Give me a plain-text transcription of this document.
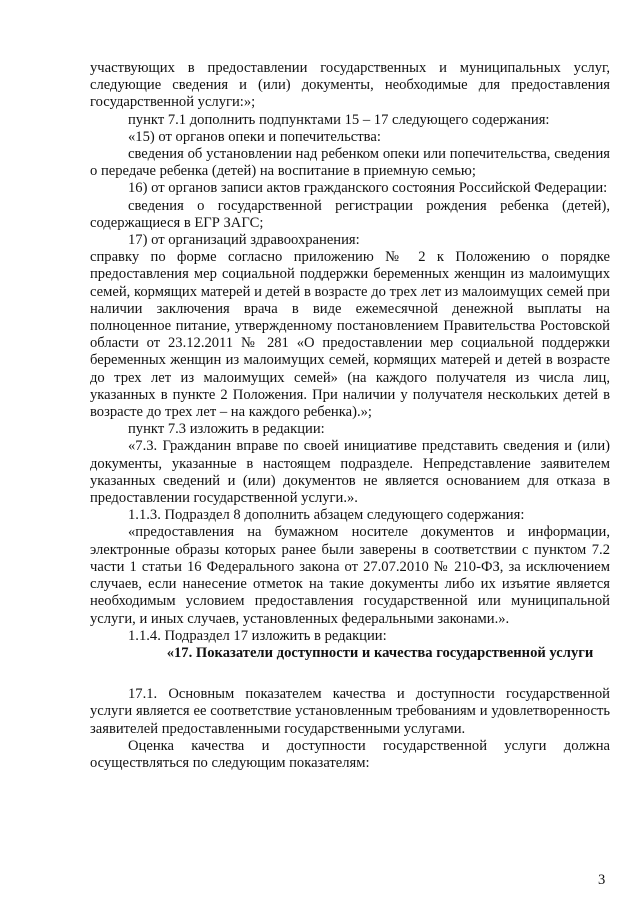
участвующих в предоставлении государственных и муниципальных услуг, следующие сведения и (или) документы, необходимые для предоставления государственной услуги:»;

пункт 7.1 дополнить подпунктами 15 – 17 следующего содержания:

«15) от органов опеки и попечительства:

сведения об установлении над ребенком опеки или попечительства, сведения о передаче ребенка (детей) на воспитание в приемную семью;

16) от органов записи актов гражданского состояния Российской Федерации:

сведения о государственной регистрации рождения ребенка (детей), содержащиеся в ЕГР ЗАГС;

17) от организаций здравоохранения:

справку по форме согласно приложению № 2 к Положению о порядке предоставления мер социальной поддержки беременных женщин из малоимущих семей, кормящих матерей и детей в возрасте до трех лет из малоимущих семей при наличии заключения врача в виде ежемесячной денежной выплаты на полноценное питание, утвержденному постановлением Правительства Ростовской области от 23.12.2011 № 281 «О предоставлении мер социальной поддержки беременных женщин из малоимущих семей, кормящих матерей и детей в возрасте до трех лет из малоимущих семей» (на каждого получателя из числа лиц, указанных в пункте 2 Положения. При наличии у получателя нескольких детей в возрасте до трех лет – на каждого ребенка).»;

пункт 7.3 изложить в редакции:

«7.3. Гражданин вправе по своей инициативе представить сведения и (или) документы, указанные в настоящем подразделе. Непредставление заявителем указанных сведений и (или) документов не является основанием для отказа в предоставлении государственной услуги.».

1.1.3. Подраздел 8 дополнить абзацем следующего содержания:

«предоставления на бумажном носителе документов и информации, электронные образы которых ранее были заверены в соответствии с пунктом 7.2 части 1 статьи 16 Федерального закона от 27.07.2010 № 210-ФЗ, за исключением случаев, если нанесение отметок на такие документы либо их изъятие является необходимым условием предоставления государственной или муниципальной услуги, и иных случаев, установленных федеральными законами.».

1.1.4. Подраздел 17 изложить в редакции:

«17. Показатели доступности и качества государственной услуги

17.1. Основным показателем качества и доступности государственной услуги является ее соответствие установленным требованиям и удовлетворенность заявителей предоставленными государственными услугами.

Оценка качества и доступности государственной услуги должна осуществляться по следующим показателям:

3
